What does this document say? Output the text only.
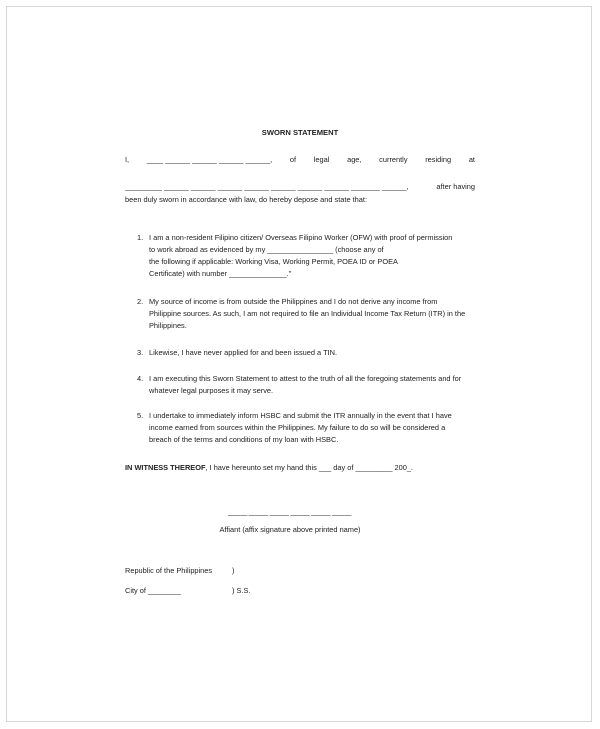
SWORN STATEMENT
I, ____ ______ ______ ______ ______, of legal age, currently residing at
_________ ______ ______ ______ ______ ______ ______ ______ _______ ______,	after having
been duly sworn in accordance with law, do hereby depose and state that:
1. I am a non-resident Filipino citizen/ Overseas Filipino Worker (OFW) with proof of permission
to work abroad as evidenced by my ________________ (choose any of
the following if applicable: Working Visa, Working Permit, POEA ID or POEA
Certificate) with number ______________."
2. My source of income is from outside the Philippines and I do not derive any income from
Philippine sources. As such, I am not required to file an Individual Income Tax Return (ITR) in the
Philippines.
3. Likewise, I have never applied for and been issued a TIN.
4. I am executing this Sworn Statement to attest to the truth of all the foregoing statements and for
whatever legal purposes it may serve.
5. I undertake to immediately inform HSBC and submit the ITR annually in the event that I have
income earned from sources within the Philippines. My failure to do so will be considered a
breach of the terms and conditions of my loan with HSBC.
IN WITNESS THEREOF, I have hereunto set my hand this ___ day of _________ 200_.
_____ _____ _____ _____ _____ _____
Affiant (affix signature above printed name)
Republic of the Philippines	)
City of ________	) S.S.
